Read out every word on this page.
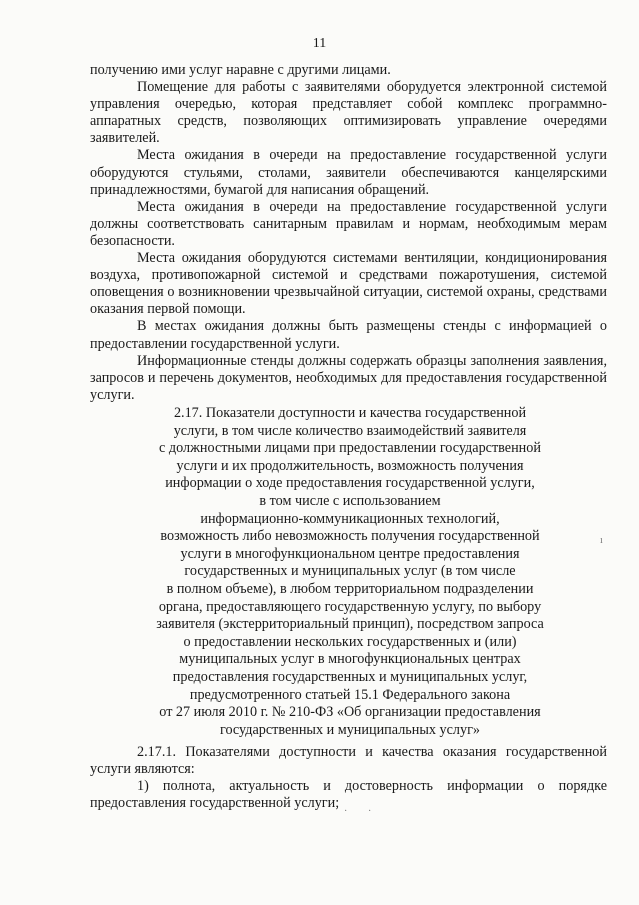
11

получению ими услуг наравне с другими лицами.

Помещение для работы с заявителями оборудуется электронной системой управления очередью, которая представляет собой комплекс программно-аппаратных средств, позволяющих оптимизировать управление очередями заявителей.

Места ожидания в очереди на предоставление государственной услуги оборудуются стульями, столами, заявители обеспечиваются канцелярскими принадлежностями, бумагой для написания обращений.

Места ожидания в очереди на предоставление государственной услуги должны соответствовать санитарным правилам и нормам, необходимым мерам безопасности.

Места ожидания оборудуются системами вентиляции, кондиционирования воздуха, противопожарной системой и средствами пожаротушения, системой оповещения о возникновении чрезвычайной ситуации, системой охраны, средствами оказания первой помощи.

В местах ожидания должны быть размещены стенды с информацией о предоставлении государственной услуги.

Информационные стенды должны содержать образцы заполнения заявления, запросов и перечень документов, необходимых для предоставления государственной услуги.

2.17. Показатели доступности и качества государственной
услуги, в том числе количество взаимодействий заявителя
с должностными лицами при предоставлении государственной
услуги и их продолжительность, возможность получения
информации о ходе предоставления государственной услуги,
в том числе с использованием
информационно-коммуникационных технологий,
возможность либо невозможность получения государственной
услуги в многофункциональном центре предоставления
государственных и муниципальных услуг (в том числе
в полном объеме), в любом территориальном подразделении
органа, предоставляющего государственную услугу, по выбору
заявителя (экстерриториальный принцип), посредством запроса
о предоставлении нескольких государственных и (или)
муниципальных услуг в многофункциональных центрах
предоставления государственных и муниципальных услуг,
предусмотренного статьей 15.1 Федерального закона
от 27 июля 2010 г. № 210-ФЗ «Об организации предоставления
государственных и муниципальных услуг»

2.17.1. Показателями доступности и качества оказания государственной услуги являются:

1) полнота, актуальность и достоверность информации о порядке предоставления государственной услуги;

ı
· ·
